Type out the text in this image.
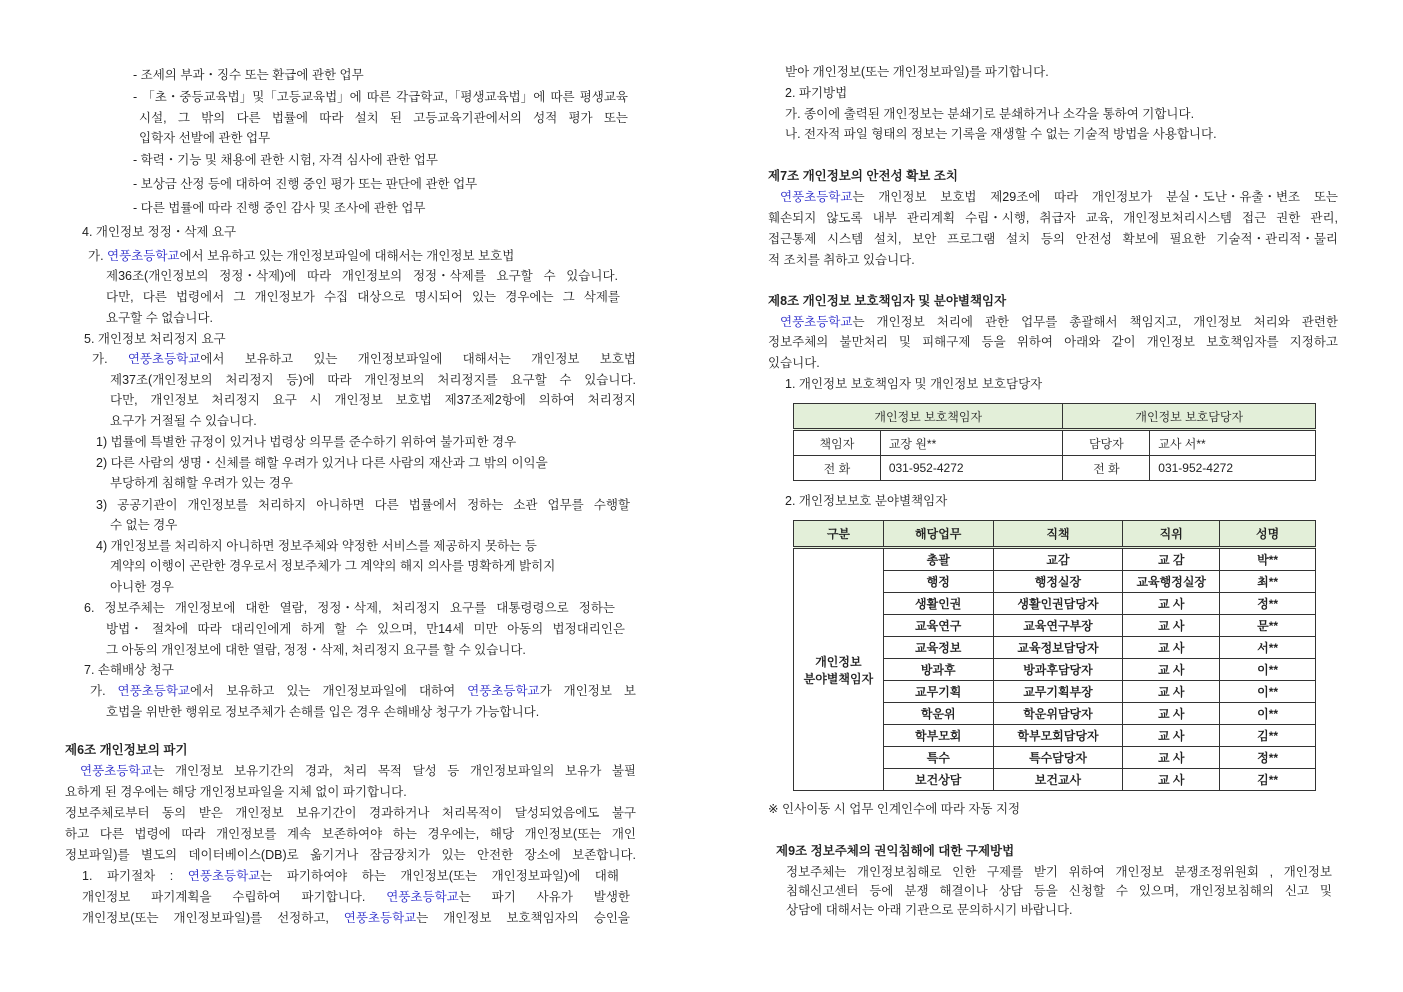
- 조세의 부과・징수 또는 환급에 관한 업무
- 「초・중등교육법」및「고등교육법」에 따른 각급학교,「평생교육법」에 따른 평생교육
시설, 그 밖의 다른 법률에 따라 설치 된 고등교육기관에서의 성적 평가 또는
입학자 선발에 관한 업무
- 학력・기능 및 채용에 관한 시험, 자격 심사에 관한 업무
- 보상금 산정 등에 대하여 진행 중인 평가 또는 판단에 관한 업무
- 다른 법률에 따라 진행 중인 감사 및 조사에 관한 업무
4. 개인정보 정정・삭제 요구
가. 연풍초등학교에서 보유하고 있는 개인정보파일에 대해서는 개인정보 보호법
제36조(개인정보의 정정・삭제)에 따라 개인정보의 정정・삭제를 요구할 수 있습니다.
다만, 다른 법령에서 그 개인정보가 수집 대상으로 명시되어 있는 경우에는 그 삭제를
요구할 수 없습니다.
5. 개인정보 처리정지 요구
가. 연풍초등학교에서 보유하고 있는 개인정보파일에 대해서는 개인정보 보호법
제37조(개인정보의 처리정지 등)에 따라 개인정보의 처리정지를 요구할 수 있습니다.
다만, 개인정보 처리정지 요구 시 개인정보 보호법 제37조제2항에 의하여 처리정지
요구가 거절될 수 있습니다.
1) 법률에 특별한 규정이 있거나 법령상 의무를 준수하기 위하여 불가피한 경우
2) 다른 사람의 생명・신체를 해할 우려가 있거나 다른 사람의 재산과 그 밖의 이익을
부당하게 침해할 우려가 있는 경우
3) 공공기관이 개인정보를 처리하지 아니하면 다른 법률에서 정하는 소관 업무를 수행할
수 없는 경우
4) 개인정보를 처리하지 아니하면 정보주체와 약정한 서비스를 제공하지 못하는 등
계약의 이행이 곤란한 경우로서 정보주체가 그 계약의 해지 의사를 명확하게 밝히지
아니한 경우
6. 정보주체는 개인정보에 대한 열람, 정정・삭제, 처리정지 요구를 대통령령으로 정하는
방법・ 절차에 따라 대리인에게 하게 할 수 있으며, 만14세 미만 아동의 법정대리인은
그 아동의 개인정보에 대한 열람, 정정・삭제, 처리정지 요구를 할 수 있습니다.
7. 손해배상 청구
가. 연풍초등학교에서 보유하고 있는 개인정보파일에 대하여 연풍초등학교가 개인정보 보
호법을 위반한 행위로 정보주체가 손해를 입은 경우 손해배상 청구가 가능합니다.
제6조 개인정보의 파기
연풍초등학교는 개인정보 보유기간의 경과, 처리 목적 달성 등 개인정보파일의 보유가 불필
요하게 된 경우에는 해당 개인정보파일을 지체 없이 파기합니다.
정보주체로부터 동의 받은 개인정보 보유기간이 경과하거나 처리목적이 달성되었음에도 불구
하고 다른 법령에 따라 개인정보를 계속 보존하여야 하는 경우에는, 해당 개인정보(또는 개인
정보파일)를 별도의 데이터베이스(DB)로 옮기거나 잠금장치가 있는 안전한 장소에 보존합니다.
1. 파기절차 : 연풍초등학교는 파기하여야 하는 개인정보(또는 개인정보파일)에 대해
개인정보 파기계획을 수립하여 파기합니다. 연풍초등학교는 파기 사유가 발생한
개인정보(또는 개인정보파일)를 선정하고, 연풍초등학교는 개인정보 보호책임자의 승인을
받아 개인정보(또는 개인정보파일)를 파기합니다.
2. 파기방법
가. 종이에 출력된 개인정보는 분쇄기로 분쇄하거나 소각을 통하여 기합니다.
나. 전자적 파일 형태의 정보는 기록을 재생할 수 없는 기술적 방법을 사용합니다.
제7조 개인정보의 안전성 확보 조치
연풍초등학교는 개인정보 보호법 제29조에 따라 개인정보가 분실・도난・유출・변조 또는
훼손되지 않도록 내부 관리계획 수립・시행, 취급자 교육, 개인정보처리시스템 접근 권한 관리,
접근통제 시스템 설치, 보안 프로그램 설치 등의 안전성 확보에 필요한 기술적・관리적・물리
적 조치를 취하고 있습니다.
제8조 개인정보 보호책임자 및 분야별책임자
연풍초등학교는 개인정보 처리에 관한 업무를 총괄해서 책임지고, 개인정보 처리와 관련한
정보주체의 불만처리 및 피해구제 등을 위하여 아래와 같이 개인정보 보호책임자를 지정하고
있습니다.
1. 개인정보 보호책임자 및 개인정보 보호담당자
2. 개인정보보호 분야별책임자
※ 인사이동 시 업무 인계인수에 따라 자동 지정
제9조 정보주체의 권익침해에 대한 구제방법
정보주체는 개인정보침해로 인한 구제를 받기 위하여 개인정보 분쟁조정위원회 , 개인정보
침해신고센터 등에 분쟁 해결이나 상담 등을 신청할 수 있으며, 개인정보침해의 신고 및
상담에 대해서는 아래 기관으로 문의하시기 바랍니다.
개인정보 보호책임자		개인정보 보호담당자	
책임자	교장 원**	담당자	교사 서**
전 화	031-952-4272	전 화	031-952-4272
구분	해당업무	직책	직위	성명

개인정보
분야별책임자	총괄	교감	교 감	박**
	행정	행정실장	교육행정실장	최**
	생활인권	생활인권담당자	교 사	정**
	교육연구	교육연구부장	교 사	문**
	교육정보	교육정보담당자	교 사	서**
	방과후	방과후담당자	교 사	이**
	교무기획	교무기획부장	교 사	이**
	학운위	학운위담당자	교 사	이**
	학부모회	학부모회담당자	교 사	김**
	특수	특수담당자	교 사	정**
	보건상담	보건교사	교 사	김**
